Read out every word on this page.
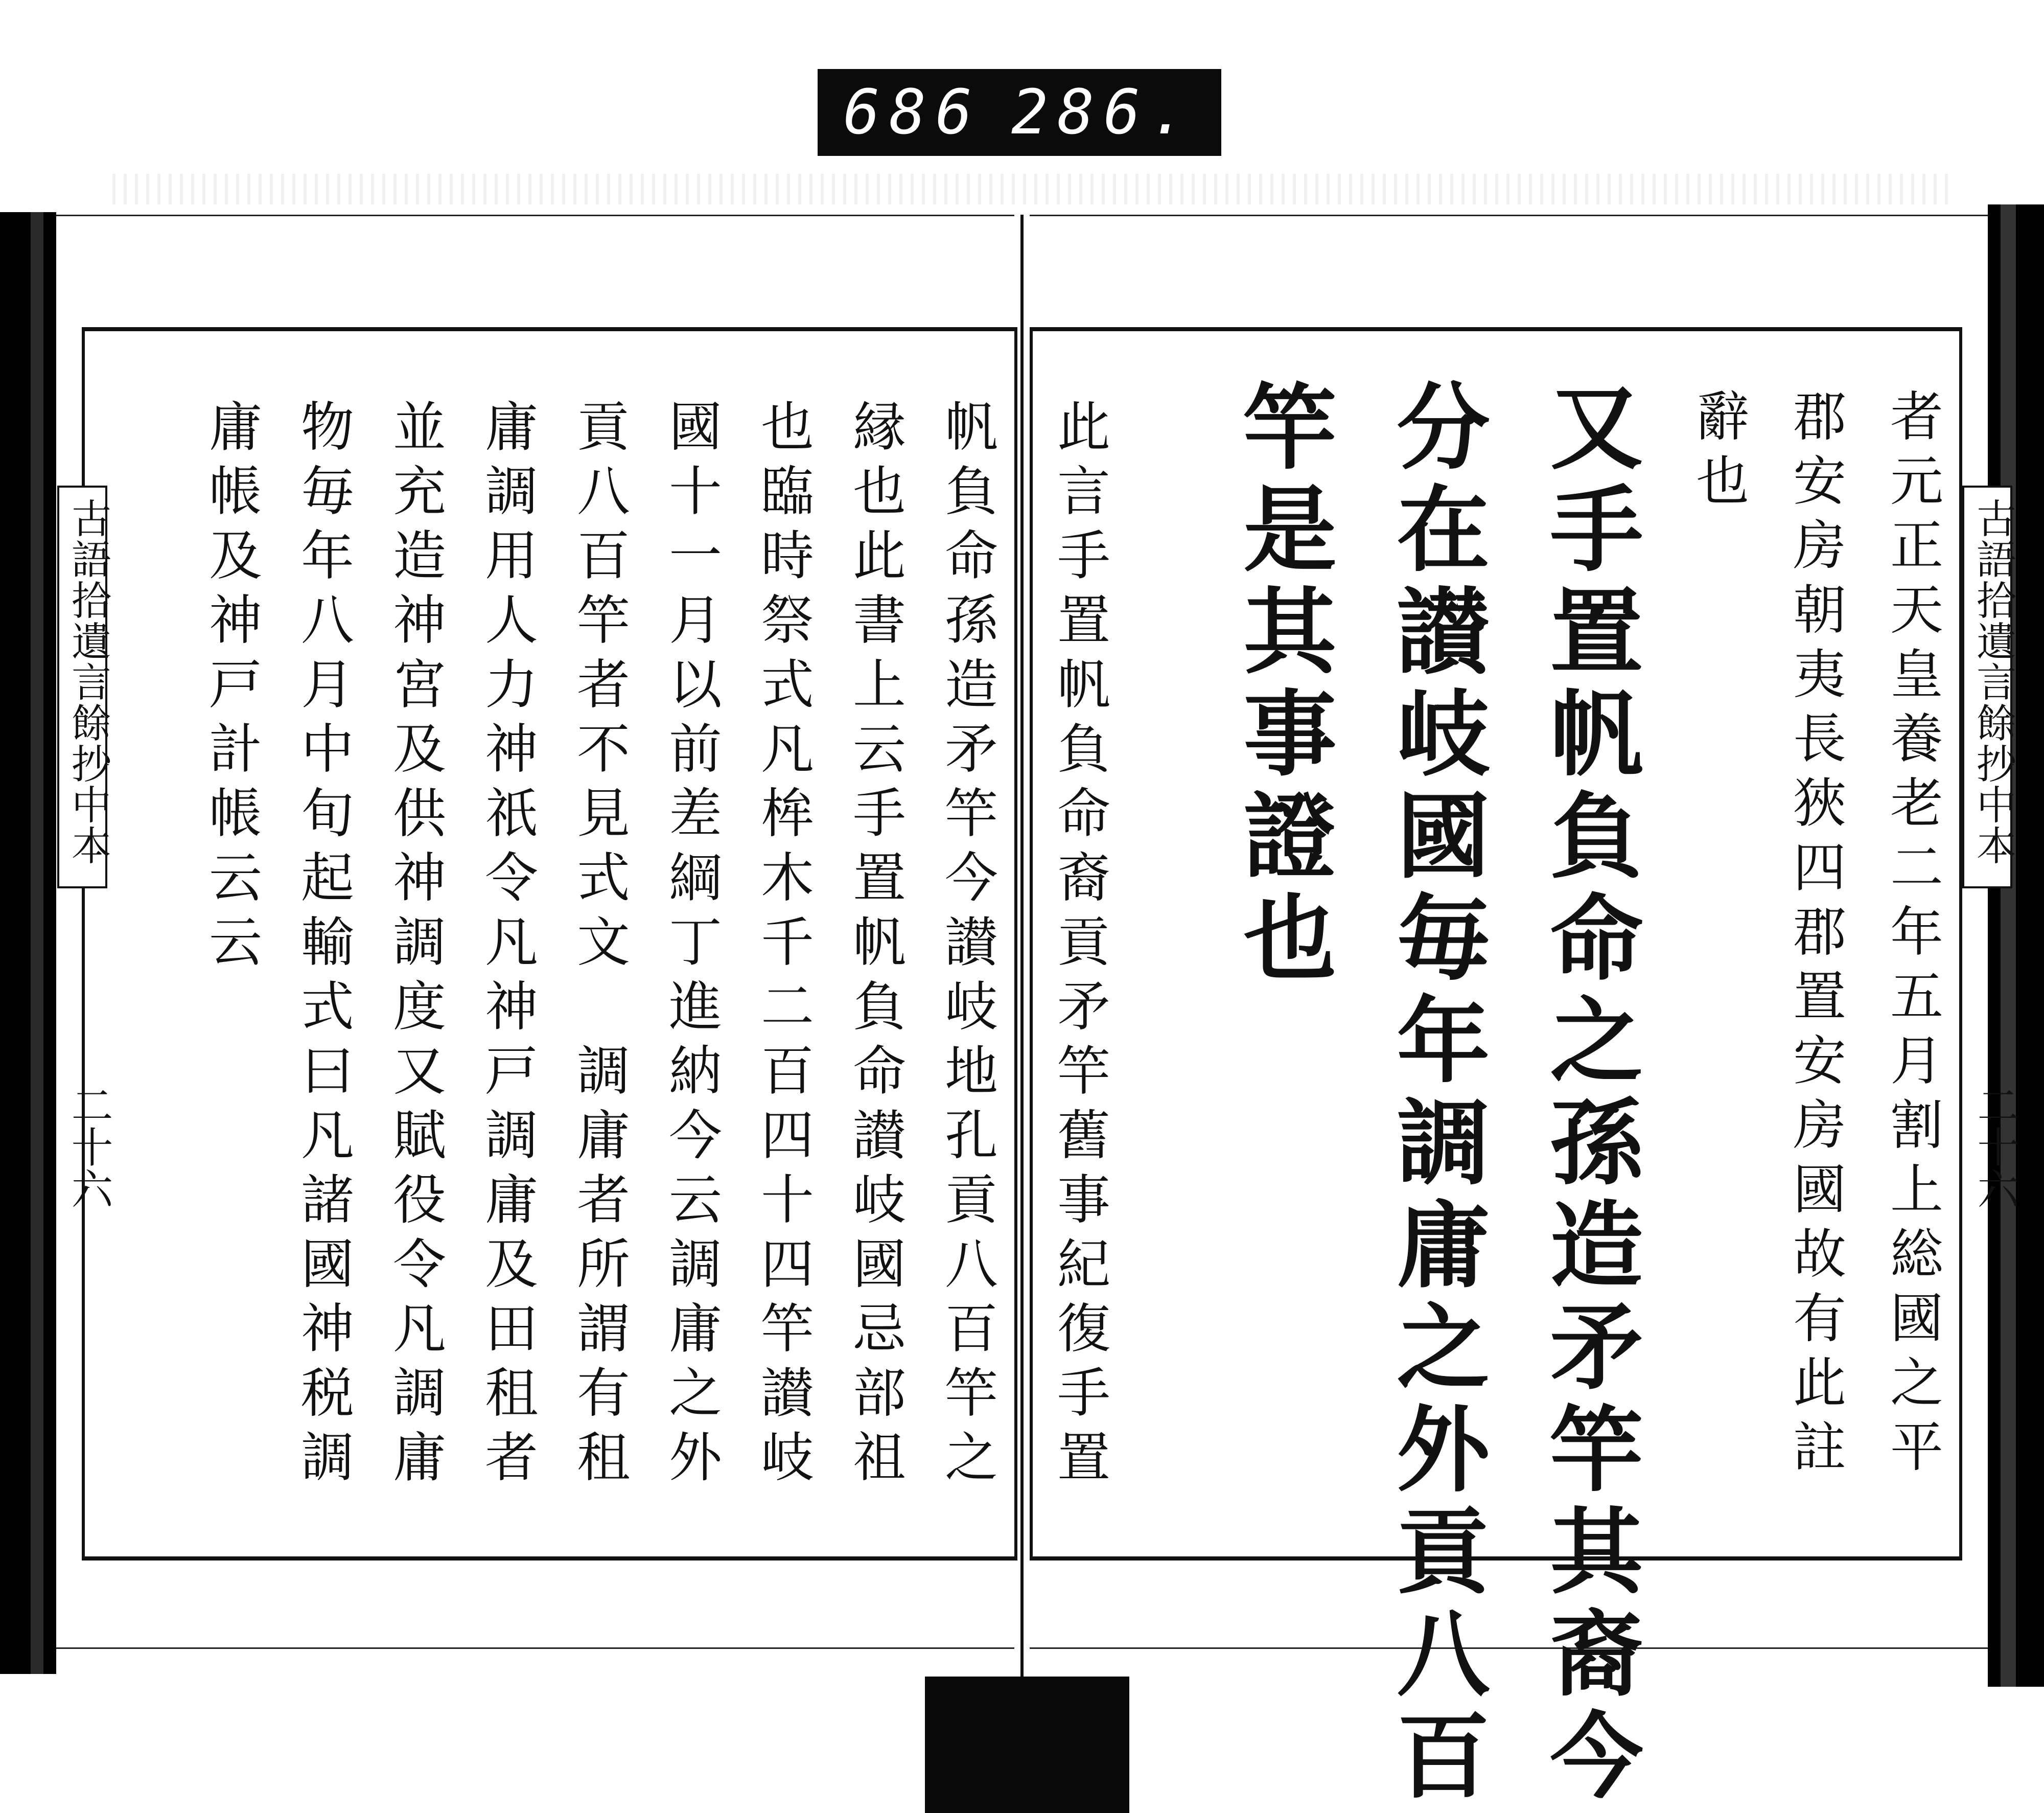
686 286.
古語拾遺言餘抄中本
二十六
古語拾遺言餘抄中本
二十六
者元正天皇養老二年五月割上総國之平
郡安房朝夷長狹四郡置安房國故有此註
辭也
又手置帆負命之孫造矛竿其裔今
分在讃岐國毎年調庸之外貢八百
竿是其事證也
此言手置帆負命裔貢矛竿舊事紀復手置
帆負命孫造矛竿今讃岐地孔貢八百竿之
縁也此書上云手置帆負命讃岐國忌部祖
也臨時祭式凡桙木千二百四十四竿讃岐
國十一月以前差綱丁進納今云調庸之外
貢八百竿者不見式文　調庸者所謂有租
庸調用人力神祇令凡神戸調庸及田租者
並充造神宮及供神調度又賦役令凡調庸
物毎年八月中旬起輸式曰凡諸國神税調
庸帳及神戸計帳云云
